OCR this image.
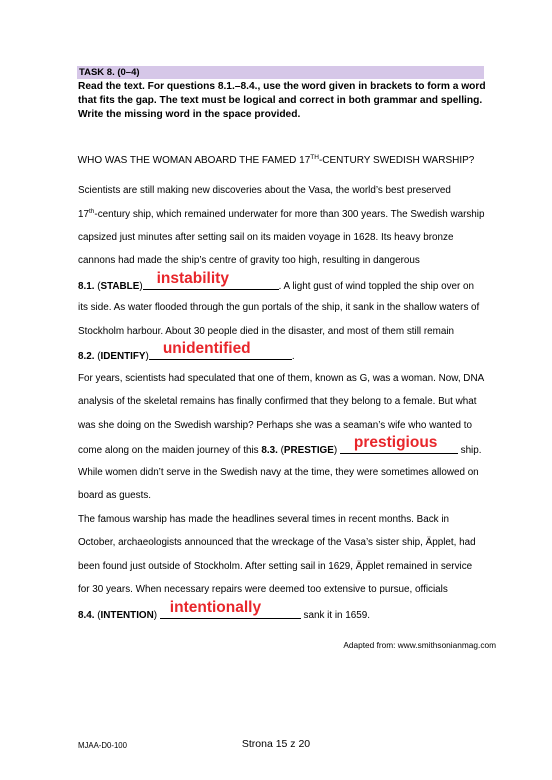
TASK 8. (0–4)
Read the text. For questions 8.1.–8.4., use the word given in brackets to form a word
that fits the gap. The text must be logical and correct in both grammar and spelling.
Write the missing word in the space provided.
WHO WAS THE WOMAN ABOARD THE FAMED 17TH-CENTURY SWEDISH WARSHIP?
Scientists are still making new discoveries about the Vasa, the world’s best preserved
17th-century ship, which remained underwater for more than 300 years. The Swedish warship
capsized just minutes after setting sail on its maiden voyage in 1628. Its heavy bronze
cannons had made the ship’s centre of gravity too high, resulting in dangerous
8.1. (STABLE) instability	. A light gust of wind toppled the ship over on
its side. As water flooded through the gun portals of the ship, it sank in the shallow waters of
Stockholm harbour. About 30 people died in the disaster, and most of them still remain
8.2. (IDENTIFY) unidentified	.
For years, scientists had speculated that one of them, known as G, was a woman. Now, DNA
analysis of the skeletal remains has finally confirmed that they belong to a female. But what
was she doing on the Swedish warship? Perhaps she was a seaman’s wife who wanted to
come along on the maiden journey of this 8.3. (PRESTIGE) prestigious ship.
While women didn’t serve in the Swedish navy at the time, they were sometimes allowed on
board as guests.
The famous warship has made the headlines several times in recent months. Back in
October, archaeologists announced that the wreckage of the Vasa’s sister ship, Äpplet, had
been found just outside of Stockholm. After setting sail in 1629, Äpplet remained in service
for 30 years. When necessary repairs were deemed too extensive to pursue, officials
8.4. (INTENTION) intentionally	sank it in 1659.
Adapted from: www.smithsonianmag.com
MJAA-D0-100	Strona 15 z 20
